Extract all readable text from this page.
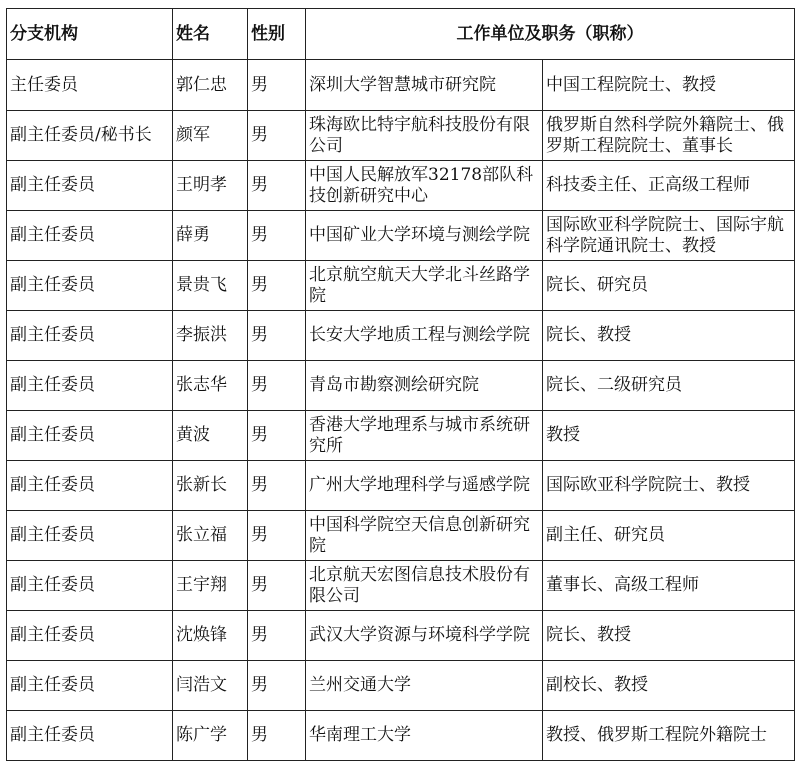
分支机构	姓名	性别	工作单位及职务（职称）	
主任委员	郭仁忠	男	深圳大学智慧城市研究院	中国工程院院士、教授
副主任委员/秘书长	颜军	男	珠海欧比特宇航科技股份有限公司	俄罗斯自然科学院外籍院士、俄罗斯工程院院士、董事长
副主任委员	王明孝	男	中国人民解放军32178部队科技创新研究中心	科技委主任、正高级工程师
副主任委员	薛勇	男	中国矿业大学环境与测绘学院	国际欧亚科学院院士、国际宇航科学院通讯院士、教授
副主任委员	景贵飞	男	北京航空航天大学北斗丝路学院	院长、研究员
副主任委员	李振洪	男	长安大学地质工程与测绘学院	院长、教授
副主任委员	张志华	男	青岛市勘察测绘研究院	院长、二级研究员
副主任委员	黄波	男	香港大学地理系与城市系统研究所	教授
副主任委员	张新长	男	广州大学地理科学与遥感学院	国际欧亚科学院院士、教授
副主任委员	张立福	男	中国科学院空天信息创新研究院	副主任、研究员
副主任委员	王宇翔	男	北京航天宏图信息技术股份有限公司	董事长、高级工程师
副主任委员	沈焕锋	男	武汉大学资源与环境科学学院	院长、教授
副主任委员	闫浩文	男	兰州交通大学	副校长、教授
副主任委员	陈广学	男	华南理工大学	教授、俄罗斯工程院外籍院士
